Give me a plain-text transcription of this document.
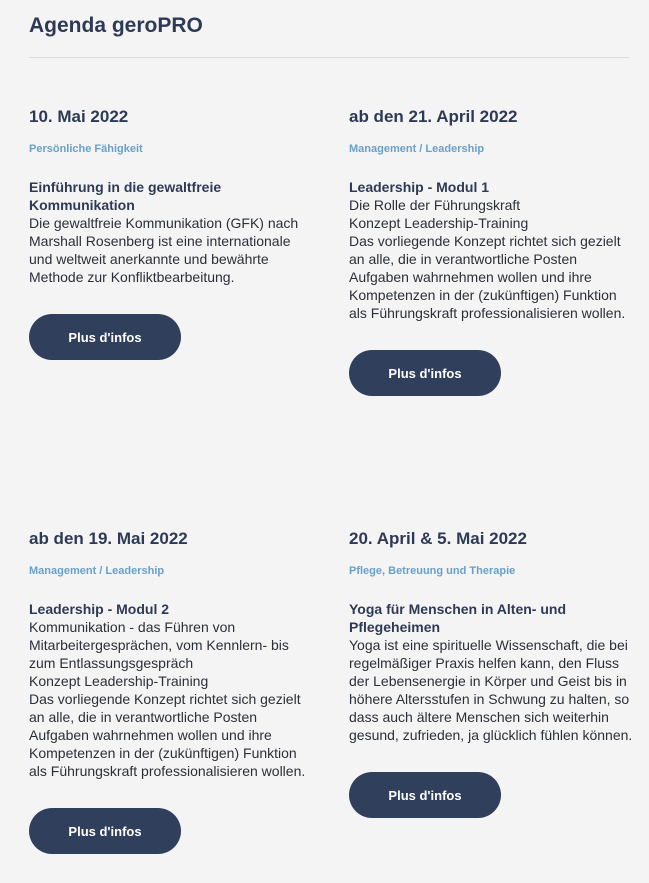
Agenda geroPRO
10. Mai 2022
Persönliche Fähigkeit
Einführung in die gewaltfreie Kommunikation
Die gewaltfreie Kommunikation (GFK) nach Marshall Rosenberg ist eine internationale und weltweit anerkannte und bewährte Methode zur Konfliktbearbeitung.
Plus d'infos
ab den 21. April 2022
Management / Leadership
Leadership - Modul 1
Die Rolle der Führungskraft
Konzept Leadership-Training
Das vorliegende Konzept richtet sich gezielt an alle, die in verantwortliche Posten Aufgaben wahrnehmen wollen und ihre Kompetenzen in der (zukünftigen) Funktion als Führungskraft professionalisieren wollen.
Plus d'infos
ab den 19. Mai 2022
Management / Leadership
Leadership - Modul 2
Kommunikation - das Führen von Mitarbeitergesprächen, vom Kennlern- bis zum Entlassungsgespräch
Konzept Leadership-Training
Das vorliegende Konzept richtet sich gezielt an alle, die in verantwortliche Posten Aufgaben wahrnehmen wollen und ihre Kompetenzen in der (zukünftigen) Funktion als Führungskraft professionalisieren wollen.
Plus d'infos
20. April & 5. Mai 2022
Pflege, Betreuung und Therapie
Yoga für Menschen in Alten- und Pflegeheimen
Yoga ist eine spirituelle Wissenschaft, die bei regelmäßiger Praxis helfen kann, den Fluss der Lebensenergie in Körper und Geist bis in höhere Altersstufen in Schwung zu halten, so dass auch ältere Menschen sich weiterhin gesund, zufrieden, ja glücklich fühlen können.
Plus d'infos
